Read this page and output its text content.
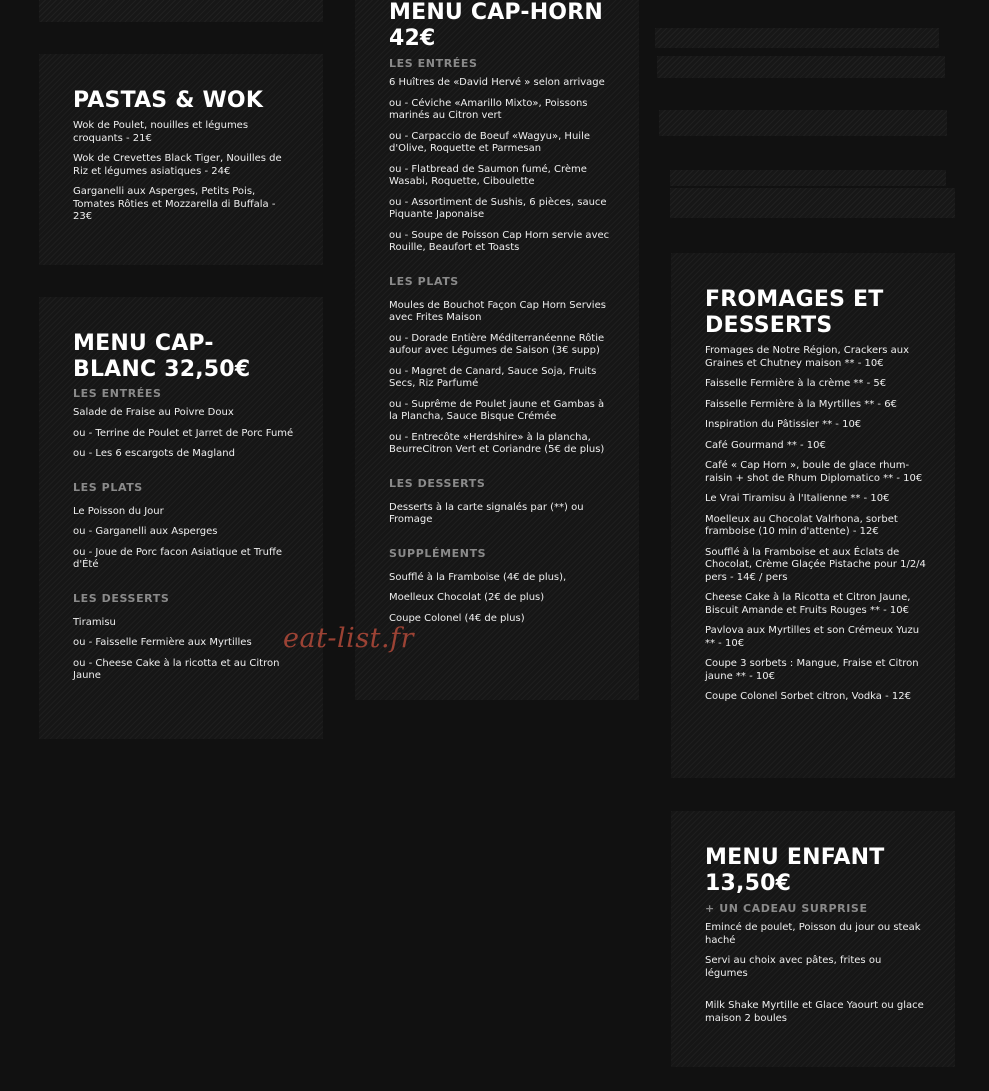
PASTAS & WOK

Wok de Poulet, nouilles et légumes croquants - 21€

Wok de Crevettes Black Tiger, Nouilles de Riz et légumes asiatiques - 24€

Garganelli aux Asperges, Petits Pois, Tomates Rôties et Mozzarella di Buffala - 23€

MENU CAP-
BLANC 32,50€

LES ENTRÉES

Salade de Fraise au Poivre Doux

ou - Terrine de Poulet et Jarret de Porc Fumé

ou - Les 6 escargots de Magland

LES PLATS

Le Poisson du Jour

ou - Garganelli aux Asperges

ou - Joue de Porc facon Asiatique et Truffe d'Été

LES DESSERTS

Tiramisu

ou - Faisselle Fermière aux Myrtilles

ou - Cheese Cake à la ricotta et au Citron Jaune

MENU CAP-HORN
42€

LES ENTRÉES

6 Huîtres de «David Hervé » selon arrivage

ou - Céviche «Amarillo Mixto», Poissons marinés au Citron vert

ou - Carpaccio de Boeuf «Wagyu», Huile d'Olive, Roquette et Parmesan

ou - Flatbread de Saumon fumé, Crème Wasabi, Roquette, Ciboulette

ou - Assortiment de Sushis, 6 pièces, sauce Piquante Japonaise

ou - Soupe de Poisson Cap Horn servie avec Rouille, Beaufort et Toasts

LES PLATS

Moules de Bouchot Façon Cap Horn Servies avec Frites Maison

ou - Dorade Entière Méditerranéenne Rôtie aufour avec Légumes de Saison (3€ supp)

ou - Magret de Canard, Sauce Soja, Fruits Secs, Riz Parfumé

ou - Suprême de Poulet jaune et Gambas à la Plancha, Sauce Bisque Crémée

ou - Entrecôte «Herdshire» à la plancha, BeurreCitron Vert et Coriandre (5€ de plus)

LES DESSERTS

Desserts à la carte signalés par (**) ou Fromage

SUPPLÉMENTS

Soufflé à la Framboise (4€ de plus),

Moelleux Chocolat (2€ de plus)

Coupe Colonel (4€ de plus)

FROMAGES ET
DESSERTS

Fromages de Notre Région, Crackers aux Graines et Chutney maison ** - 10€

Faisselle Fermière à la crème ** - 5€

Faisselle Fermière à la Myrtilles ** - 6€

Inspiration du Pâtissier ** - 10€

Café Gourmand ** - 10€

Café « Cap Horn », boule de glace rhum-raisin + shot de Rhum Diplomatico ** - 10€

Le Vrai Tiramisu à l'Italienne ** - 10€

Moelleux au Chocolat Valrhona, sorbet framboise (10 min d'attente) - 12€

Soufflé à la Framboise et aux Éclats de Chocolat, Crème Glaçée Pistache pour 1/2/4 pers - 14€ / pers

Cheese Cake à la Ricotta et Citron Jaune, Biscuit Amande et Fruits Rouges ** - 10€

Pavlova aux Myrtilles et son Crémeux Yuzu ** - 10€

Coupe 3 sorbets : Mangue, Fraise et Citron jaune ** - 10€

Coupe Colonel Sorbet citron, Vodka - 12€

MENU ENFANT
13,50€

+ UN CADEAU SURPRISE

Emincé de poulet, Poisson du jour ou steak haché

Servi au choix avec pâtes, frites ou légumes

Milk Shake Myrtille et Glace Yaourt ou glace maison 2 boules

eat-list.fr
